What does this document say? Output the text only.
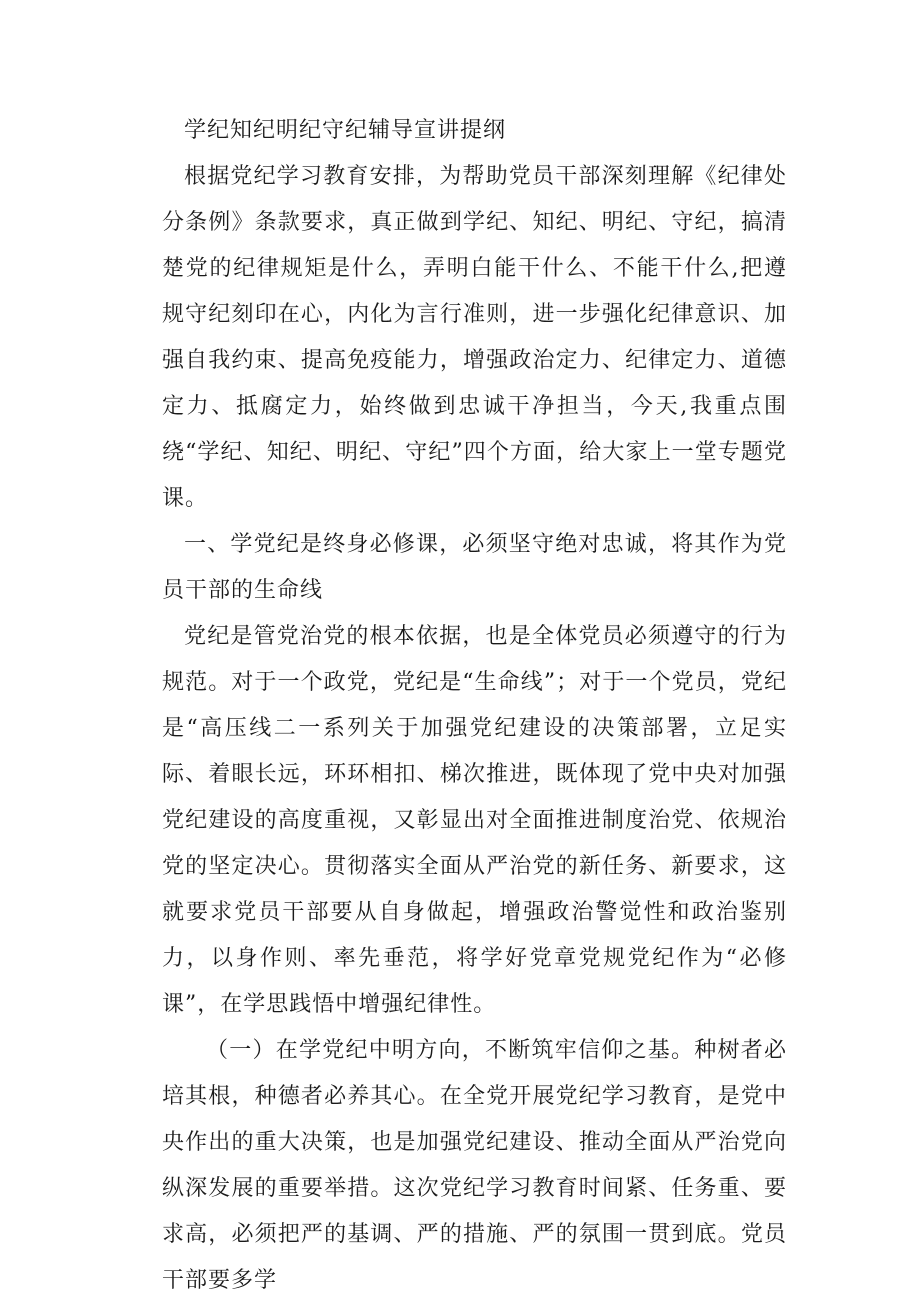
学纪知纪明纪守纪辅导宣讲提纲

根据党纪学习教育安排，为帮助党员干部深刻理解《纪律处分条例》条款要求，真正做到学纪、知纪、明纪、守纪，搞清楚党的纪律规矩是什么，弄明白能干什么、不能干什么,把遵规守纪刻印在心，内化为言行准则，进一步强化纪律意识、加强自我约束、提高免疫能力，增强政治定力、纪律定力、道德定力、抵腐定力，始终做到忠诚干净担当，今天,我重点围绕“学纪、知纪、明纪、守纪”四个方面，给大家上一堂专题党课。

一、学党纪是终身必修课，必须坚守绝对忠诚，将其作为党员干部的生命线

党纪是管党治党的根本依据，也是全体党员必须遵守的行为规范。对于一个政党，党纪是“生命线”；对于一个党员，党纪是“高压线二一系列关于加强党纪建设的决策部署，立足实际、着眼长远，环环相扣、梯次推进，既体现了党中央对加强党纪建设的高度重视，又彰显出对全面推进制度治党、依规治党的坚定决心。贯彻落实全面从严治党的新任务、新要求，这就要求党员干部要从自身做起，增强政治警觉性和政治鉴别力，以身作则、率先垂范，将学好党章党规党纪作为“必修课”，在学思践悟中增强纪律性。

（一）在学党纪中明方向，不断筑牢信仰之基。种树者必培其根，种德者必养其心。在全党开展党纪学习教育，是党中央作出的重大决策，也是加强党纪建设、推动全面从严治党向纵深发展的重要举措。这次党纪学习教育时间紧、任务重、要求高，必须把严的基调、严的措施、严的氛围一贯到底。党员干部要多学
